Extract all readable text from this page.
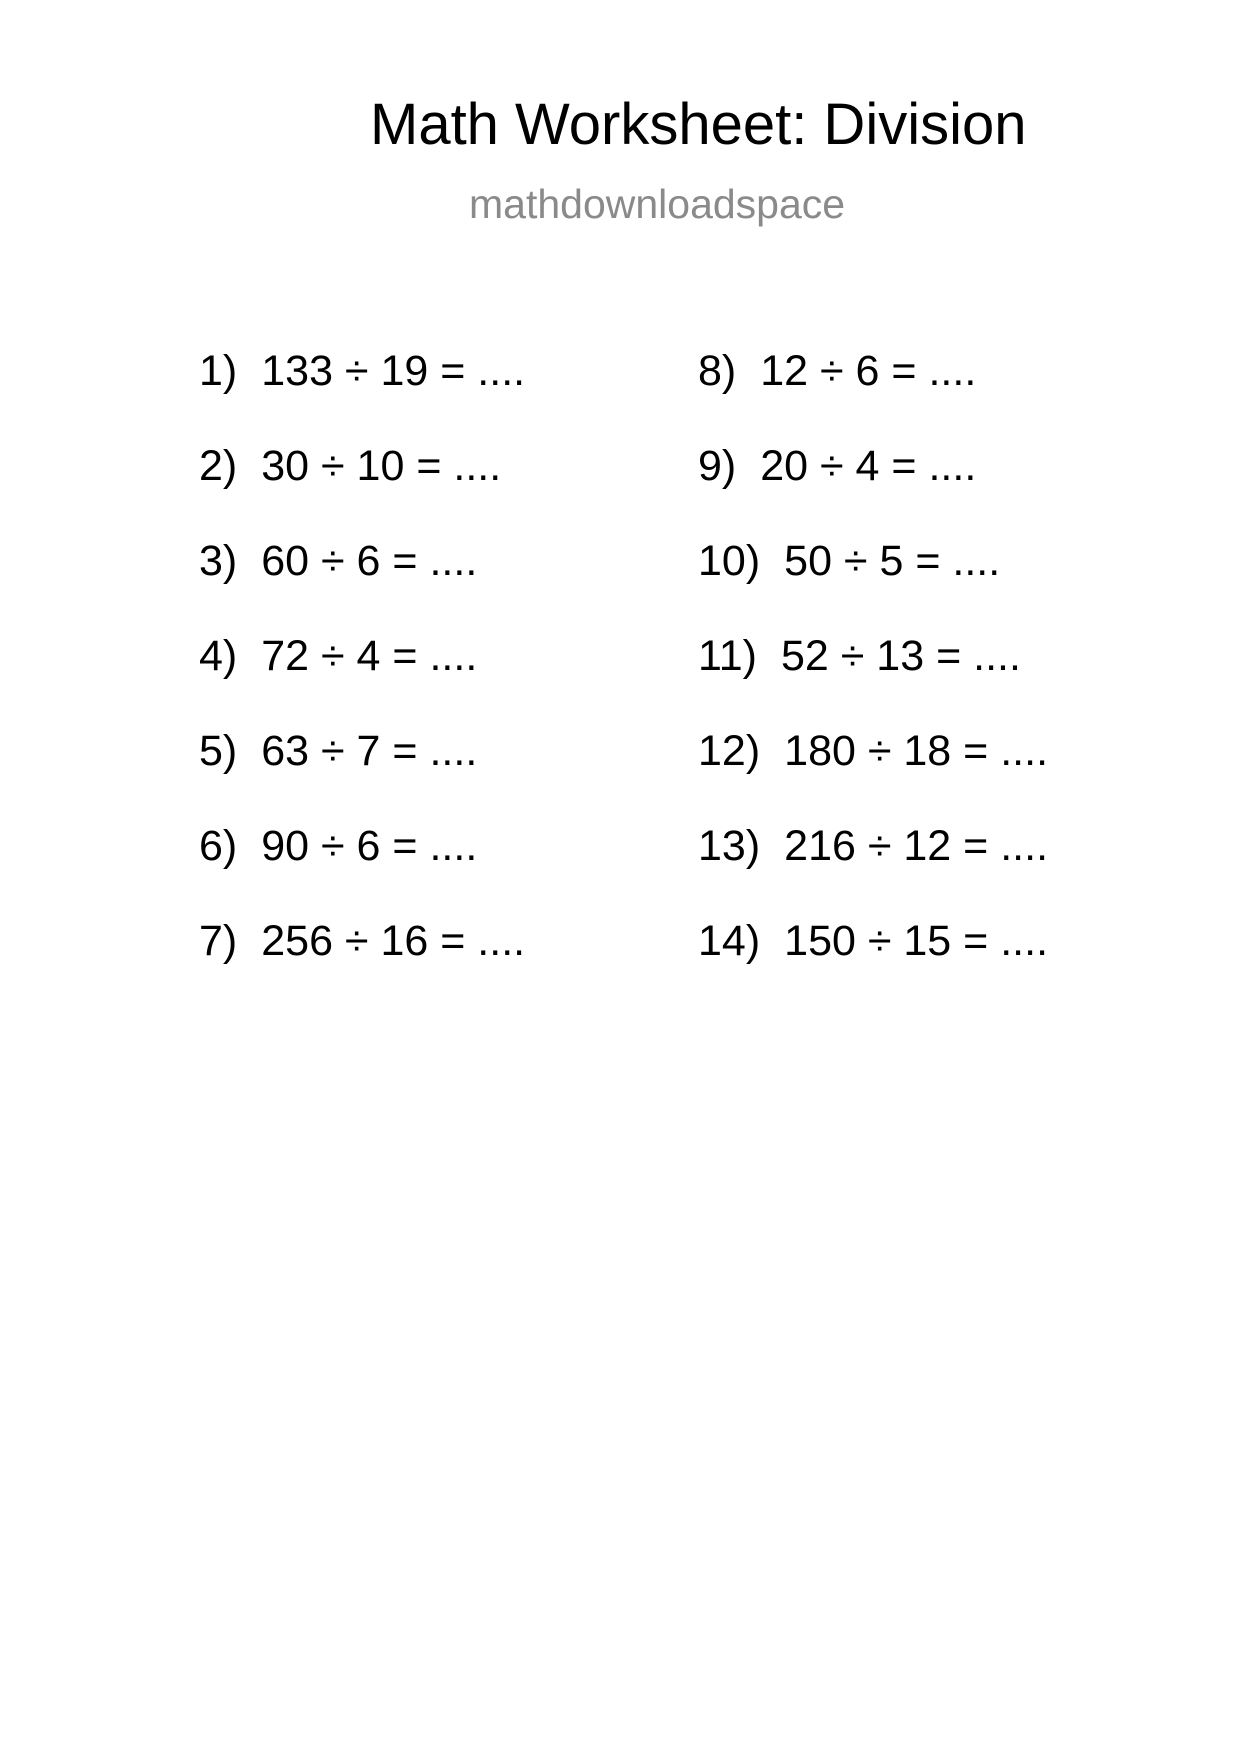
Math Worksheet: Division
mathdownloadspace
1) 133 ÷ 19 = ....
2) 30 ÷ 10 = ....
3) 60 ÷ 6 = ....
4) 72 ÷ 4 = ....
5) 63 ÷ 7 = ....
6) 90 ÷ 6 = ....
7) 256 ÷ 16 = ....
8) 12 ÷ 6 = ....
9) 20 ÷ 4 = ....
10) 50 ÷ 5 = ....
11) 52 ÷ 13 = ....
12) 180 ÷ 18 = ....
13) 216 ÷ 12 = ....
14) 150 ÷ 15 = ....
